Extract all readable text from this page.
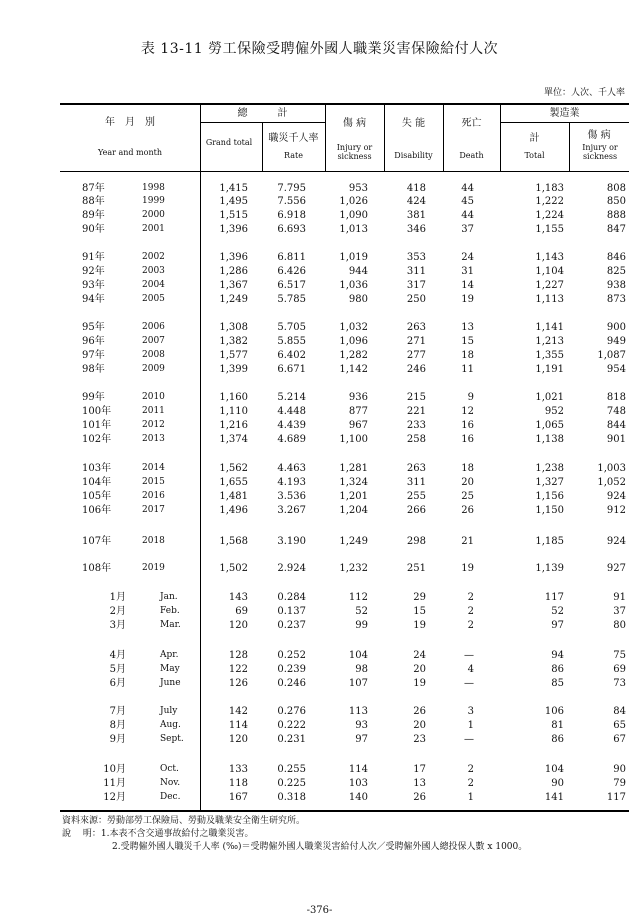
表 13-11 勞工保險受聘僱外國人職業災害保險給付人次
單位：人次、千人率
年　月　別
Year and month
總　　　計
Grand total	職災千人率
Rate
傷 病
Injury or sickness
失 能
Disability
死亡
Death
製造業
計
Total
傷 病
Injury or sickness
87年	1998	1,415	7.795	953	418	44	1,183	808
88年	1999	1,495	7.556	1,026	424	45	1,222	850
89年	2000	1,515	6.918	1,090	381	44	1,224	888
90年	2001	1,396	6.693	1,013	346	37	1,155	847
91年	2002	1,396	6.811	1,019	353	24	1,143	846
92年	2003	1,286	6.426	944	311	31	1,104	825
93年	2004	1,367	6.517	1,036	317	14	1,227	938
94年	2005	1,249	5.785	980	250	19	1,113	873
95年	2006	1,308	5.705	1,032	263	13	1,141	900
96年	2007	1,382	5.855	1,096	271	15	1,213	949
97年	2008	1,577	6.402	1,282	277	18	1,355	1,087
98年	2009	1,399	6.671	1,142	246	11	1,191	954
99年	2010	1,160	5.214	936	215	9	1,021	818
100年	2011	1,110	4.448	877	221	12	952	748
101年	2012	1,216	4.439	967	233	16	1,065	844
102年	2013	1,374	4.689	1,100	258	16	1,138	901
103年	2014	1,562	4.463	1,281	263	18	1,238	1,003
104年	2015	1,655	4.193	1,324	311	20	1,327	1,052
105年	2016	1,481	3.536	1,201	255	25	1,156	924
106年	2017	1,496	3.267	1,204	266	26	1,150	912
107年	2018	1,568	3.190	1,249	298	21	1,185	924
108年	2019	1,502	2.924	1,232	251	19	1,139	927
1月	Jan.	143	0.284	112	29	2	117	91
2月	Feb.	69	0.137	52	15	2	52	37
3月	Mar.	120	0.237	99	19	2	97	80
4月	Apr.	128	0.252	104	24	—	94	75
5月	May	122	0.239	98	20	4	86	69
6月	June	126	0.246	107	19	—	85	73
7月	July	142	0.276	113	26	3	106	84
8月	Aug.	114	0.222	93	20	1	81	65
9月	Sept.	120	0.231	97	23	—	86	67
10月	Oct.	133	0.255	114	17	2	104	90
11月	Nov.	118	0.225	103	13	2	90	79
12月	Dec.	167	0.318	140	26	1	141	117
資料來源：勞動部勞工保險局、勞動及職業安全衛生研究所。
說　 明：1.本表不含交通事故給付之職業災害。
2.受聘僱外國人職災千人率 (‰)＝受聘僱外國人職業災害給付人次／受聘僱外國人總投保人數 x 1000。
-376-
